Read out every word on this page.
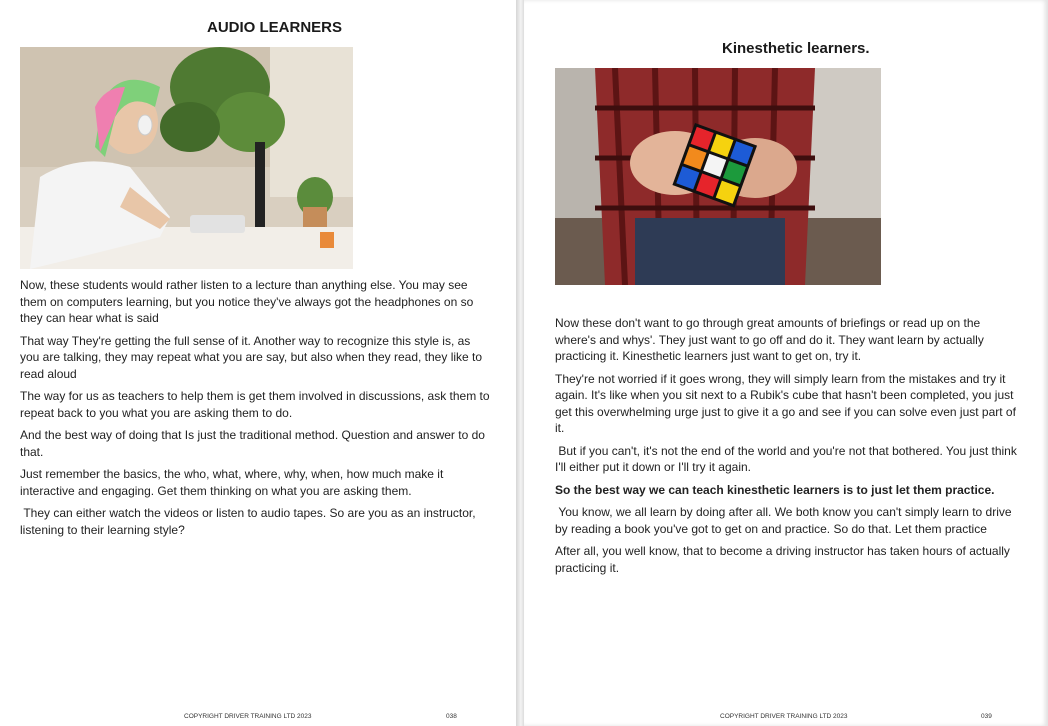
AUDIO LEARNERS

Now, these students would rather listen to a lecture than anything else. You may see them on computers learning, but you notice they've always got the headphones on so they can hear what is said

That way They're getting the full sense of it. Another way to recognize this style is, as you are talking, they may repeat what you are say, but also when they read, they like to read aloud

The way for us as teachers to help them is get them involved in discussions, ask them to repeat back to you what you are asking them to do.

And the best way of doing that Is just the traditional method. Question and answer to do that.

Just remember the basics, the who, what, where, why, when, how much make it interactive and engaging. Get them thinking on what you are asking them.

They can either watch the videos or listen to audio tapes. So are you as an instructor, listening to their learning style?

COPYRIGHT DRIVER TRAINING LTD 2023	038
Kinesthetic learners.

Now these don't want to go through great amounts of briefings or read up on the where's and whys'. They just want to go off and do it. They want learn by actually practicing it. Kinesthetic learners just want to get on, try it.

They're not worried if it goes wrong, they will simply learn from the mistakes and try it again. It's like when you sit next to a Rubik's cube that hasn't been completed, you just get this overwhelming urge just to give it a go and see if you can solve even just part of it.

But if you can't, it's not the end of the world and you're not that bothered. You just think I'll either put it down or I'll try it again.

So the best way we can teach kinesthetic learners is to just let them practice.

You know, we all learn by doing after all. We both know you can't simply learn to drive by reading a book you've got to get on and practice. So do that. Let them practice

After all, you well know, that to become a driving instructor has taken hours of actually practicing it.

COPYRIGHT DRIVER TRAINING LTD 2023	039
